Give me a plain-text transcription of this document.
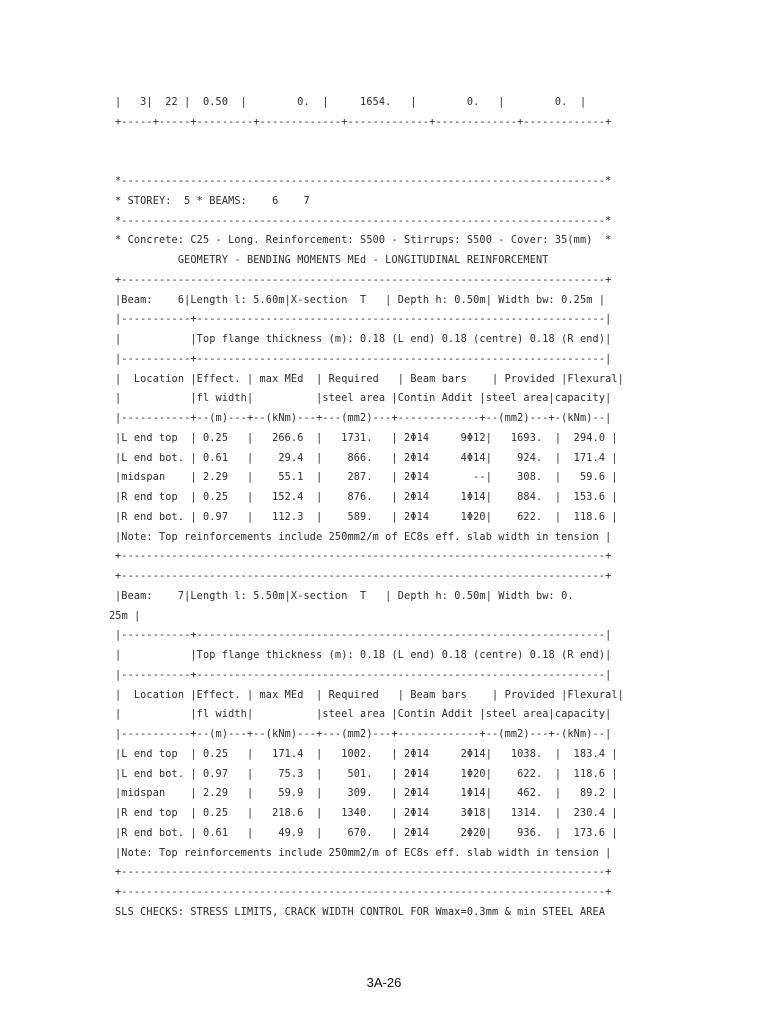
|   3|  22 |  0.50  |        0.  |     1654.   |        0.   |        0.  |
+-----+-----+---------+-------------+-------------+-------------+-------------+
*-----------------------------------------------------------------------------*
* STOREY:  5 * BEAMS:    6    7
*-----------------------------------------------------------------------------*
* Concrete: C25 - Long. Reinforcement: S500 - Stirrups: S500 - Cover: 35(mm)  *
GEOMETRY - BENDING MOMENTS MEd - LONGITUDINAL REINFORCEMENT
+-----------------------------------------------------------------------------+
|Beam:    6|Length l: 5.60m|X-section  T   | Depth h: 0.50m| Width bw: 0.25m |
|-----------+-----------------------------------------------------------------|
|           |Top flange thickness (m): 0.18 (L end) 0.18 (centre) 0.18 (R end)|
|-----------+-----------------------------------------------------------------|
|  Location |Effect. | max MEd  | Required   | Beam bars    | Provided |Flexural|
|           |fl width|          |steel area |Contin Addit |steel area|capacity|
|-----------+--(m)---+--(kNm)---+---(mm2)---+-------------+--(mm2)---+-(kNm)--|
|L end top  | 0.25   |   266.6  |   1731.   | 2Φ14     9Φ12|   1693.  |  294.0 |
|L end bot. | 0.61   |    29.4  |    866.   | 2Φ14     4Φ14|    924.  |  171.4 |
|midspan    | 2.29   |    55.1  |    287.   | 2Φ14       --|    308.  |   59.6 |
|R end top  | 0.25   |   152.4  |    876.   | 2Φ14     1Φ14|    884.  |  153.6 |
|R end bot. | 0.97   |   112.3  |    589.   | 2Φ14     1Φ20|    622.  |  118.6 |
|Note: Top reinforcements include 250mm2/m of EC8s eff. slab width in tension |
+-----------------------------------------------------------------------------+
+-----------------------------------------------------------------------------+
|Beam:    7|Length l: 5.50m|X-section  T   | Depth h: 0.50m| Width bw: 0.
25m |
|-----------+-----------------------------------------------------------------|
|           |Top flange thickness (m): 0.18 (L end) 0.18 (centre) 0.18 (R end)|
|-----------+-----------------------------------------------------------------|
|  Location |Effect. | max MEd  | Required   | Beam bars    | Provided |Flexural|
|           |fl width|          |steel area |Contin Addit |steel area|capacity|
|-----------+--(m)---+--(kNm)---+---(mm2)---+-------------+--(mm2)---+-(kNm)--|
|L end top  | 0.25   |   171.4  |   1002.   | 2Φ14     2Φ14|   1038.  |  183.4 |
|L end bot. | 0.97   |    75.3  |    501.   | 2Φ14     1Φ20|    622.  |  118.6 |
|midspan    | 2.29   |    59.9  |    309.   | 2Φ14     1Φ14|    462.  |   89.2 |
|R end top  | 0.25   |   218.6  |   1340.   | 2Φ14     3Φ18|   1314.  |  230.4 |
|R end bot. | 0.61   |    49.9  |    670.   | 2Φ14     2Φ20|    936.  |  173.6 |
|Note: Top reinforcements include 250mm2/m of EC8s eff. slab width in tension |
+-----------------------------------------------------------------------------+
+-----------------------------------------------------------------------------+
SLS CHECKS: STRESS LIMITS, CRACK WIDTH CONTROL FOR Wmax=0.3mm & min STEEL AREA
3A-26
